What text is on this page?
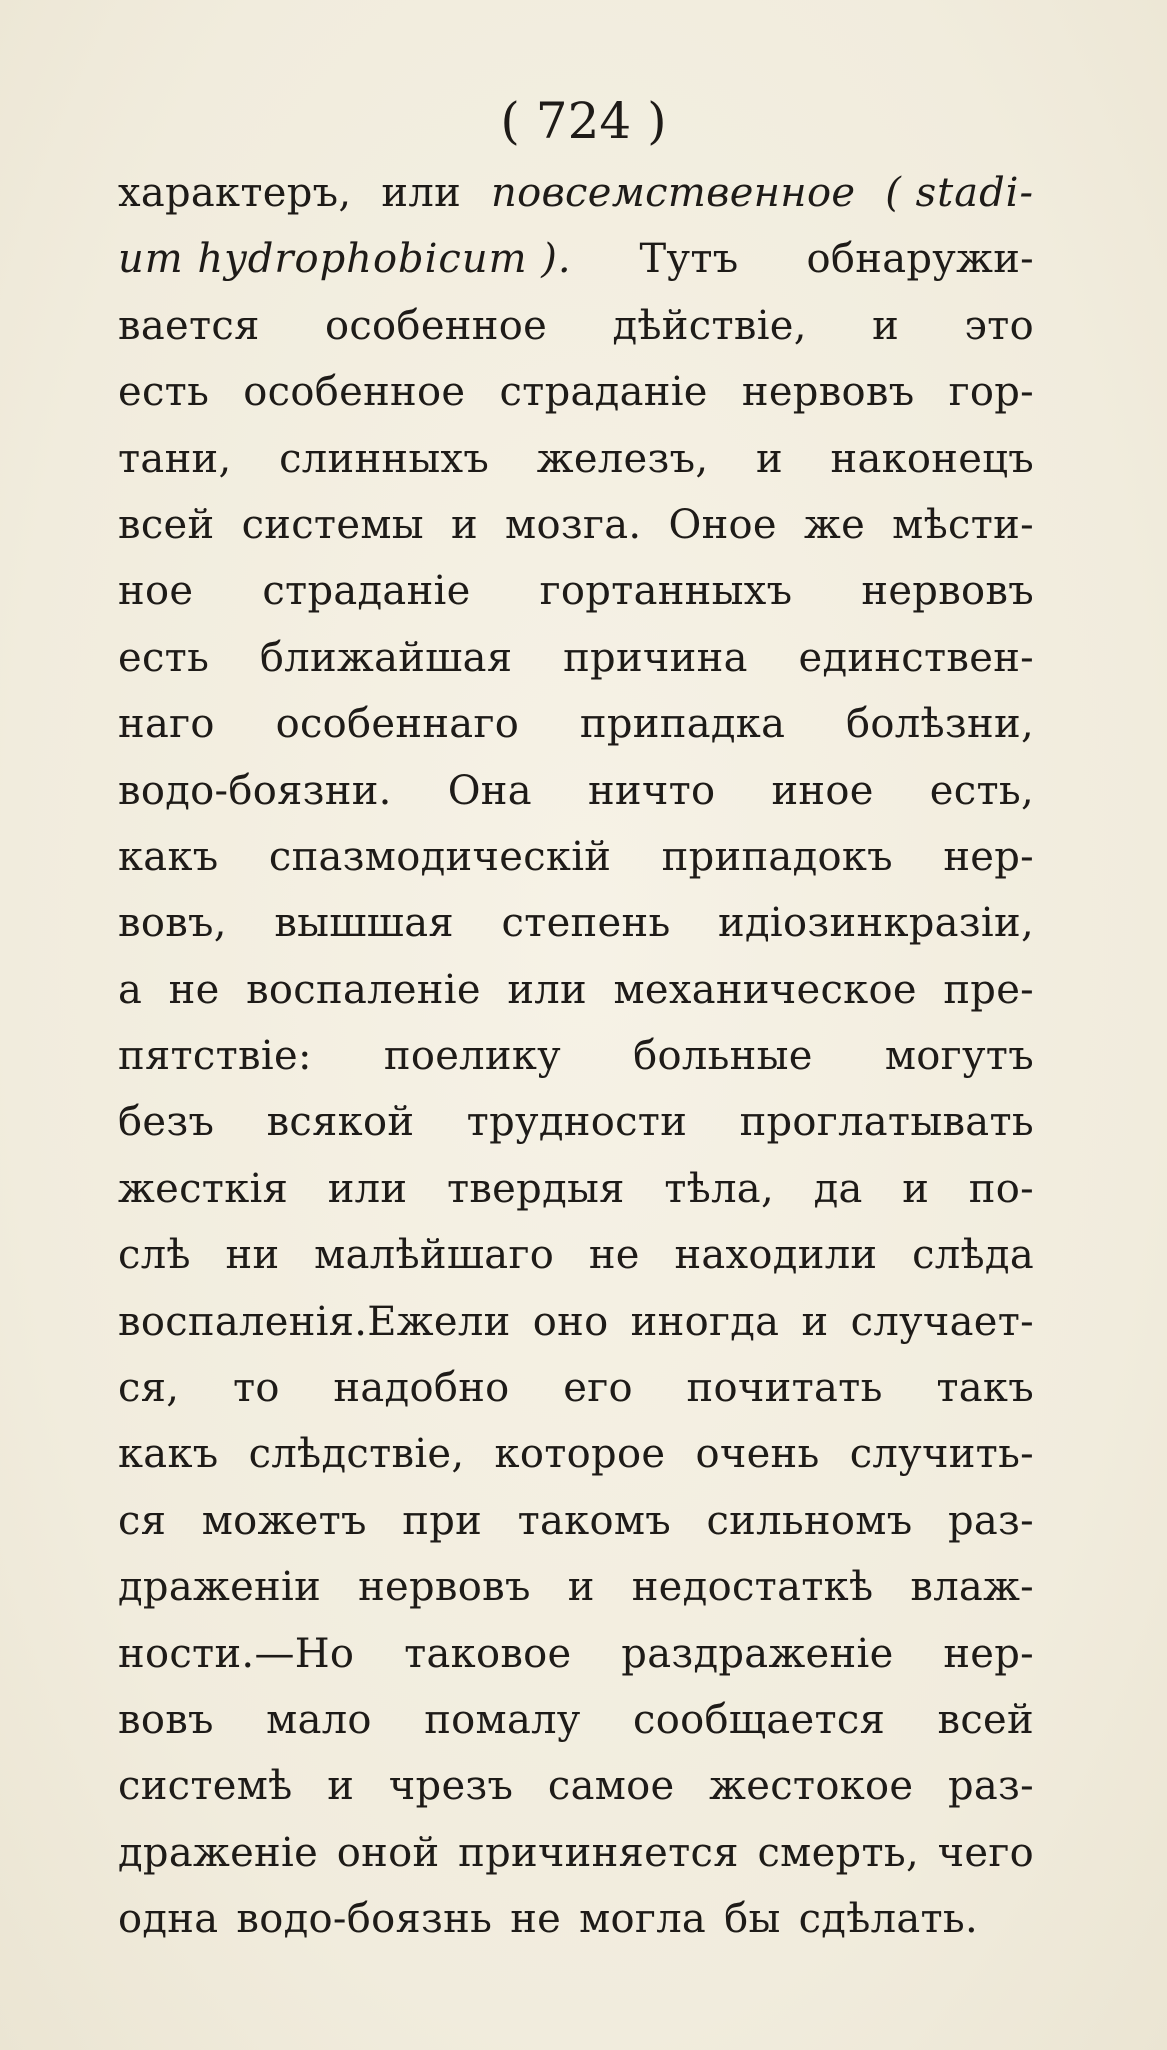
( 724 )
характеръ, или повсемственное ( stadi-
um hydrophobicum ). Тутъ обнаружи-
вается особенное дѣйствіе, и это
есть особенное страданіе нервовъ гор-
тани, слинныхъ железъ, и наконецъ
всей системы и мозга. Оное же мѣсти-
ное страданіе гортанныхъ нервовъ
есть ближайшая причина единствен-
наго особеннаго припадка болѣзни,
водо-боязни. Она ничто иное есть,
какъ спазмодическій припадокъ нер-
вовъ, вышшая степень идіозинкразіи,
а не воспаленіе или механическое пре-
пятствіе: поелику больные могутъ
безъ всякой трудности проглатывать
жесткія или твердыя тѣла, да и по-
слѣ ни малѣйшаго не находили слѣда
воспаленія.Ежели оно иногда и случает-
ся, то надобно его почитать такъ
какъ слѣдствіе, которое очень случить-
ся можетъ при такомъ сильномъ раз-
драженіи нервовъ и недостаткѣ влаж-
ности.—Но таковое раздраженіе нер-
вовъ мало помалу сообщается всей
системѣ и чрезъ самое жестокое раз-
драженіе оной причиняется смерть, чего
одна водо-боязнь не могла бы сдѣлать.
